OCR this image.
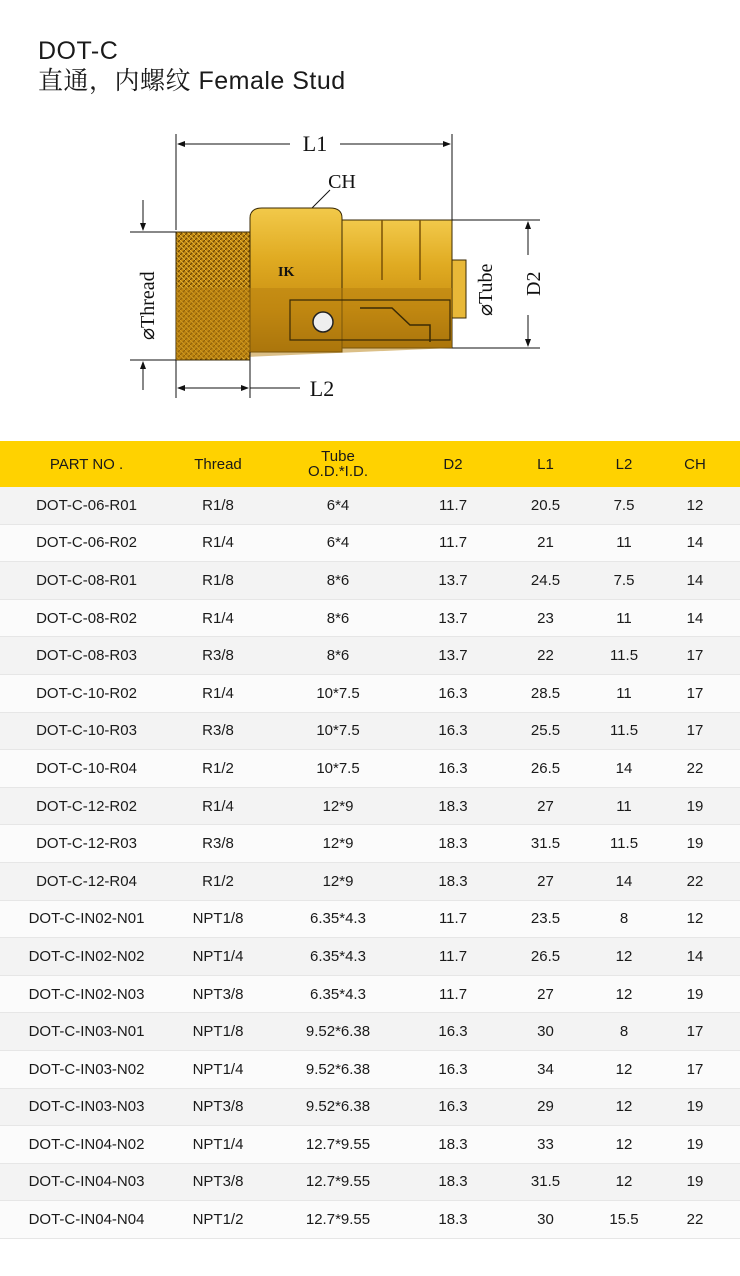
DOT-C
直通，内螺纹 Female Stud
L1
CH
IK
⌀Thread	⌀Tube D2
L2
PART NO .	Thread	Tube
O.D.*I.D.	D2	L1	L2	CH
DOT-C-06-R01	R1/8	6*4	11.7	20.5	7.5	12
DOT-C-06-R02	R1/4	6*4	11.7	21	11	14
DOT-C-08-R01	R1/8	8*6	13.7	24.5	7.5	14
DOT-C-08-R02	R1/4	8*6	13.7	23	11	14
DOT-C-08-R03	R3/8	8*6	13.7	22	11.5	17
DOT-C-10-R02	R1/4	10*7.5	16.3	28.5	11	17
DOT-C-10-R03	R3/8	10*7.5	16.3	25.5	11.5	17
DOT-C-10-R04	R1/2	10*7.5	16.3	26.5	14	22
DOT-C-12-R02	R1/4	12*9	18.3	27	11	19
DOT-C-12-R03	R3/8	12*9	18.3	31.5	11.5	19
DOT-C-12-R04	R1/2	12*9	18.3	27	14	22
DOT-C-IN02-N01	NPT1/8	6.35*4.3	11.7	23.5	8	12
DOT-C-IN02-N02	NPT1/4	6.35*4.3	11.7	26.5	12	14
DOT-C-IN02-N03	NPT3/8	6.35*4.3	11.7	27	12	19
DOT-C-IN03-N01	NPT1/8	9.52*6.38	16.3	30	8	17
DOT-C-IN03-N02	NPT1/4	9.52*6.38	16.3	34	12	17
DOT-C-IN03-N03	NPT3/8	9.52*6.38	16.3	29	12	19
DOT-C-IN04-N02	NPT1/4	12.7*9.55	18.3	33	12	19
DOT-C-IN04-N03	NPT3/8	12.7*9.55	18.3	31.5	12	19
DOT-C-IN04-N04	NPT1/2	12.7*9.55	18.3	30	15.5	22
